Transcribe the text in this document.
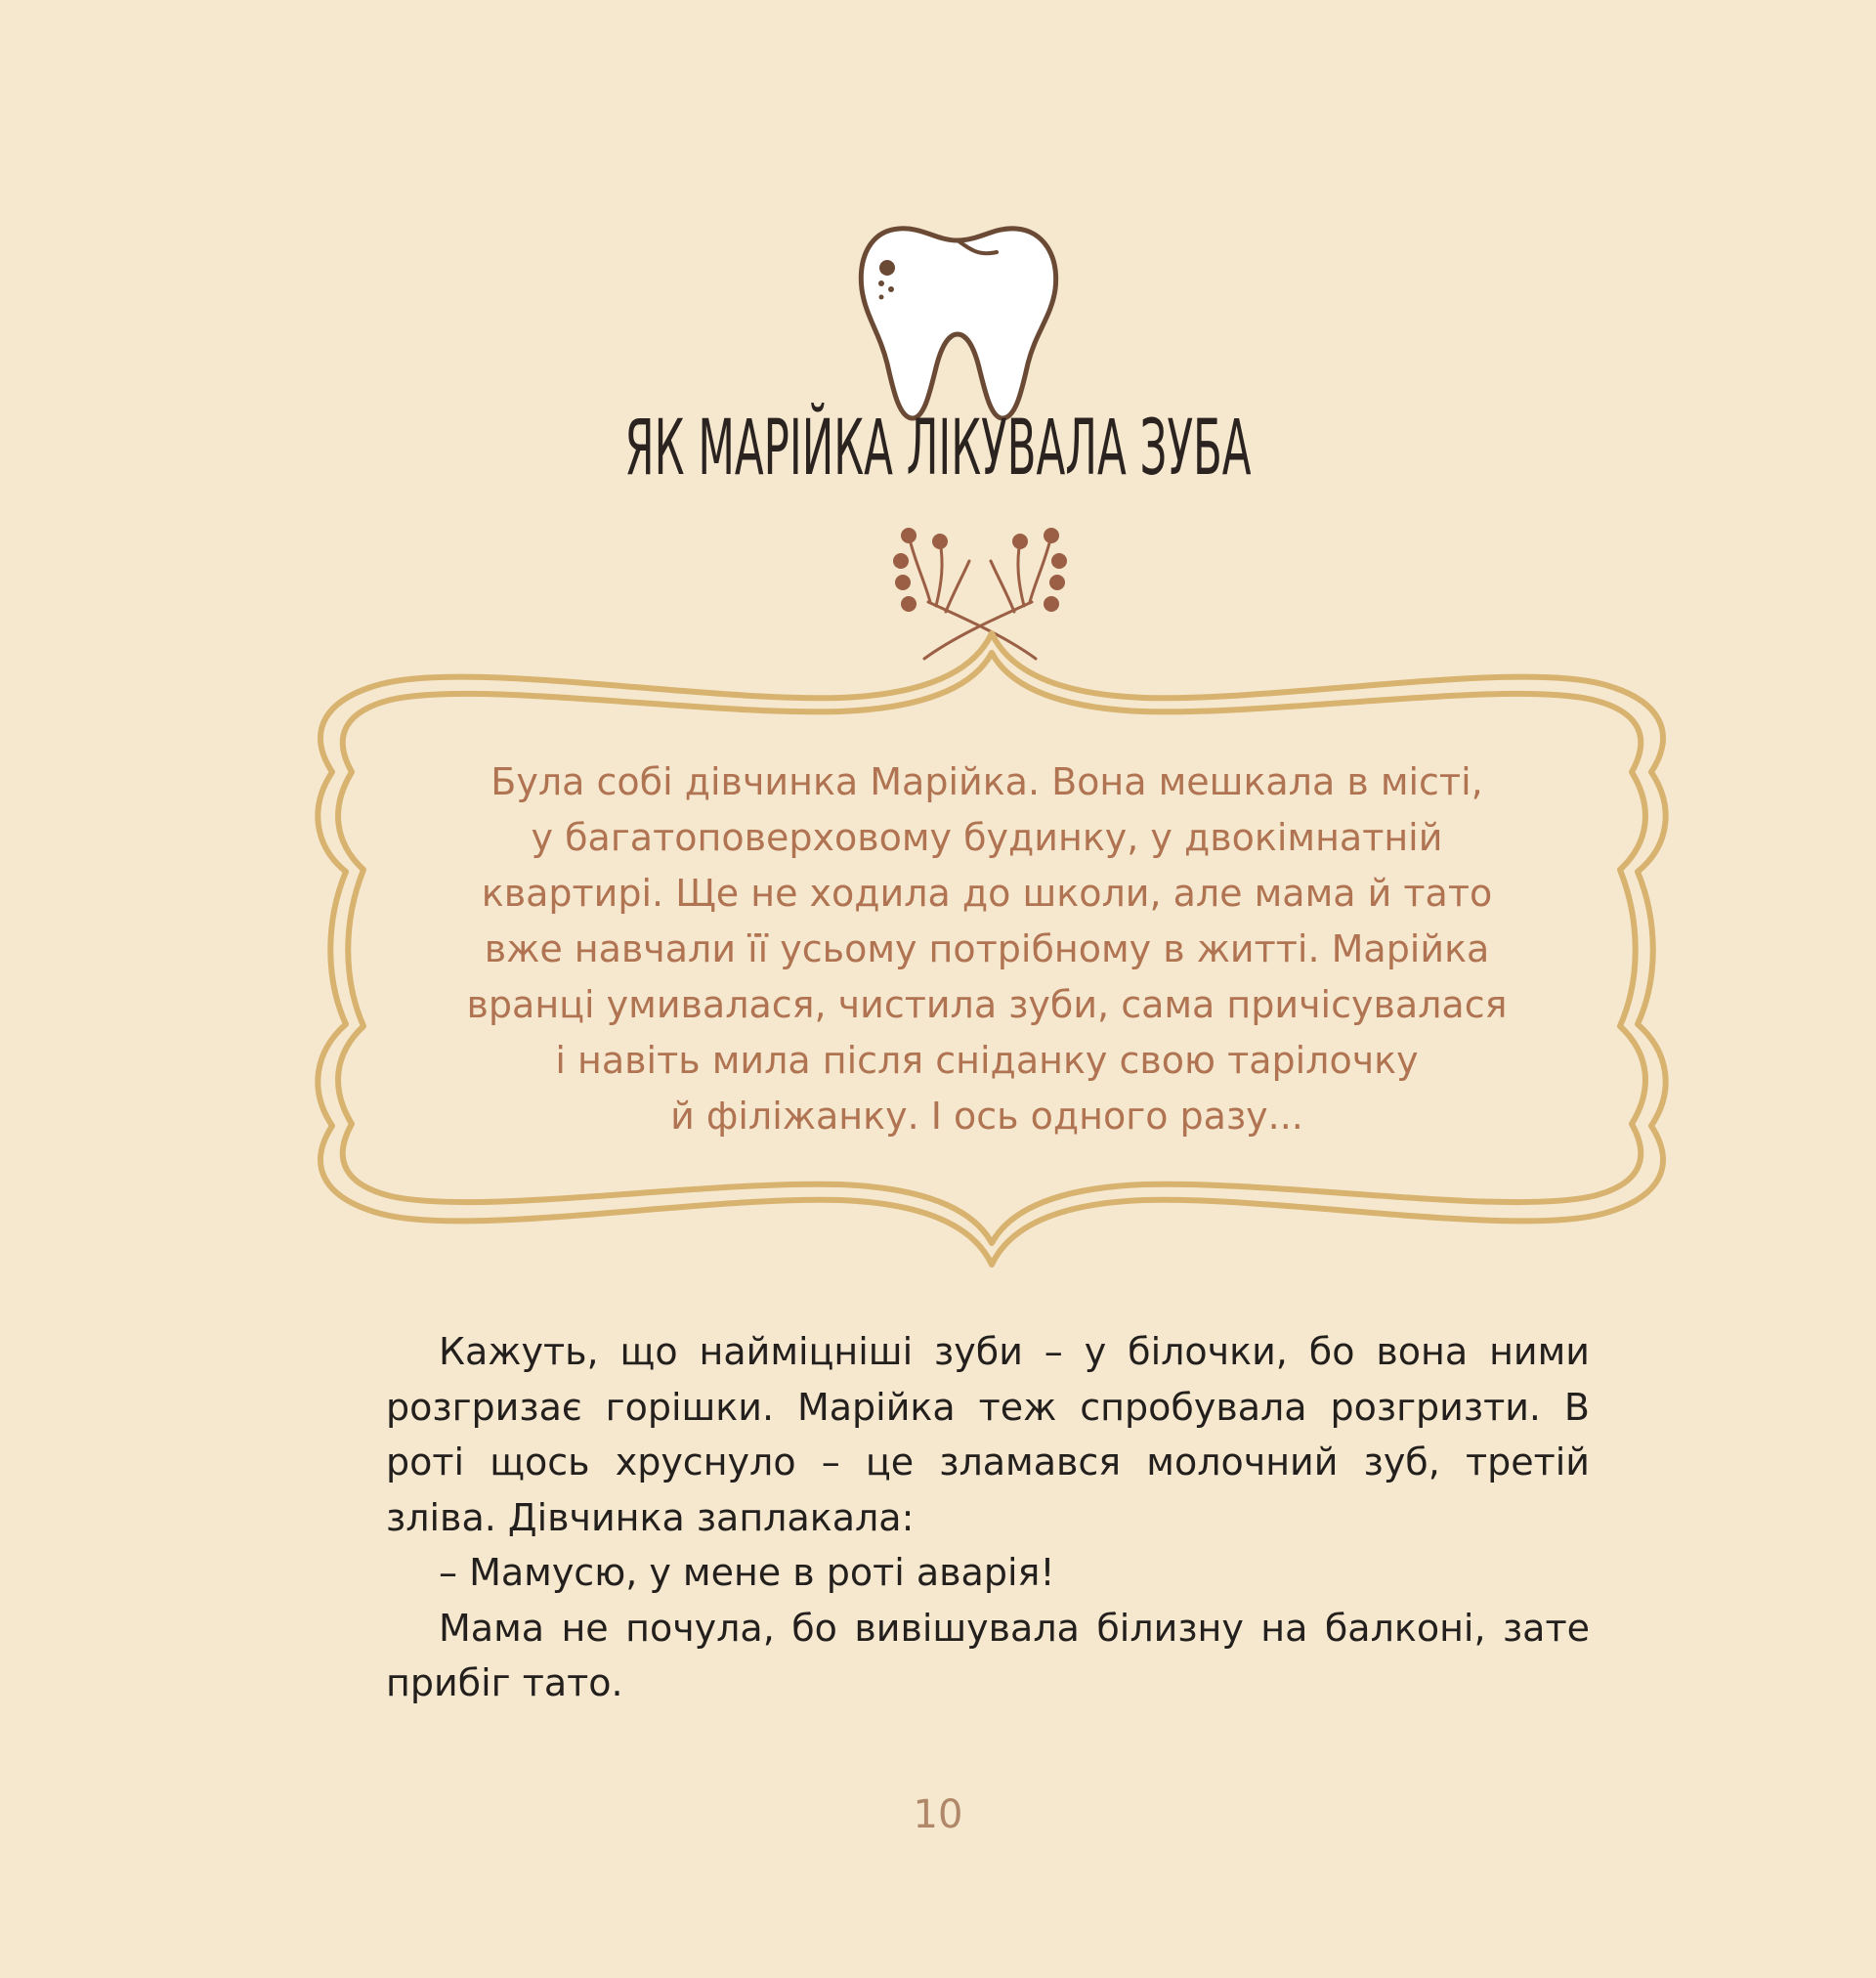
ЯК МАРІЙКА ЛІКУВАЛА ЗУБА
Була собі дівчинка Марійка. Вона мешкала в місті,
у багатоповерховому будинку, у двокімнатній
квартирі. Ще не ходила до школи, але мама й тато
вже навчали її усьому потрібному в житті. Марійка
вранці умивалася, чистила зуби, сама причісувалася
і навіть мила після сніданку свою тарілочку
й філіжанку. І ось одного разу...

Кажуть, що наймiцнiшi зуби – у бiлочки, бо вона ними розгризає горiшки. Марiйка теж спробувала розгризти. В ротi щось хруснуло – це зламався молочний зуб, третiй злiва. Дiвчинка заплакала:

– Мамусю, у мене в роті аварія!

Мама не почула, бо вивішувала білизну на балконі, зате прибіг тато.

10
